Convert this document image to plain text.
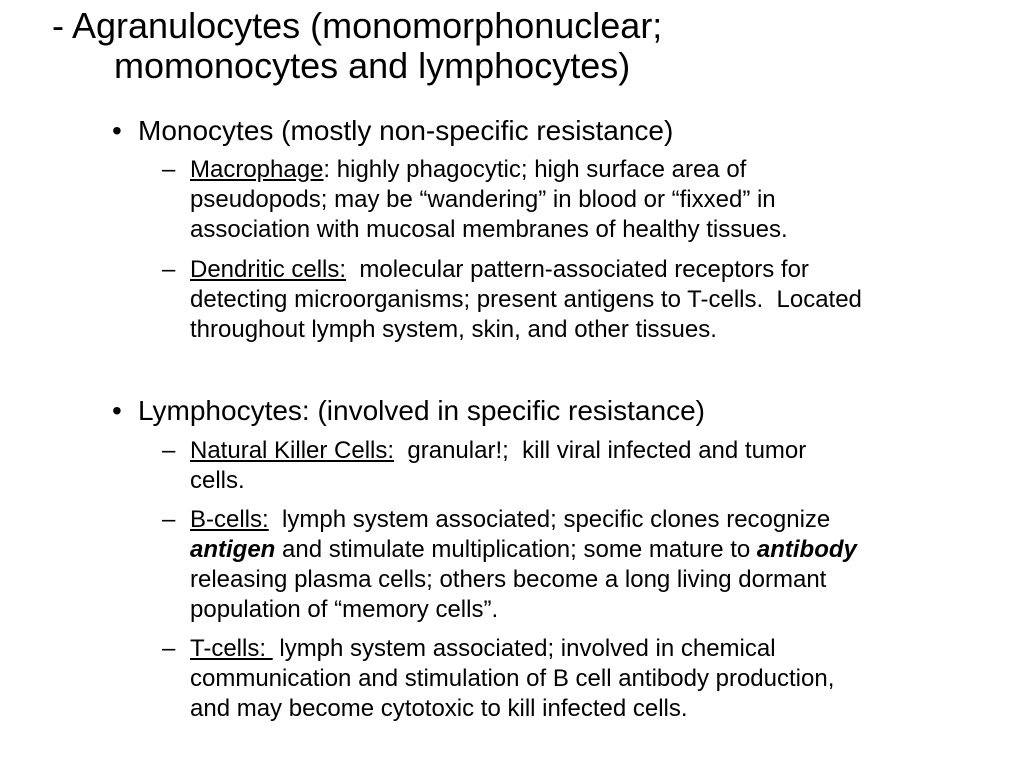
- Agranulocytes (monomorphonuclear;
momonocytes and lymphocytes)
• Monocytes (mostly non-specific resistance)
– Macrophage: highly phagocytic; high surface area of
pseudopods; may be “wandering” in blood or “fixxed” in
association with mucosal membranes of healthy tissues.
– Dendritic cells:  molecular pattern-associated receptors for
detecting microorganisms; present antigens to T-cells.  Located
throughout lymph system, skin, and other tissues.
• Lymphocytes: (involved in specific resistance)
– Natural Killer Cells:  granular!;  kill viral infected and tumor
cells.
– B-cells:  lymph system associated; specific clones recognize
antigen and stimulate multiplication; some mature to antibody
releasing plasma cells; others become a long living dormant
population of “memory cells”.
– T-cells:  lymph system associated; involved in chemical
communication and stimulation of B cell antibody production,
and may become cytotoxic to kill infected cells.
